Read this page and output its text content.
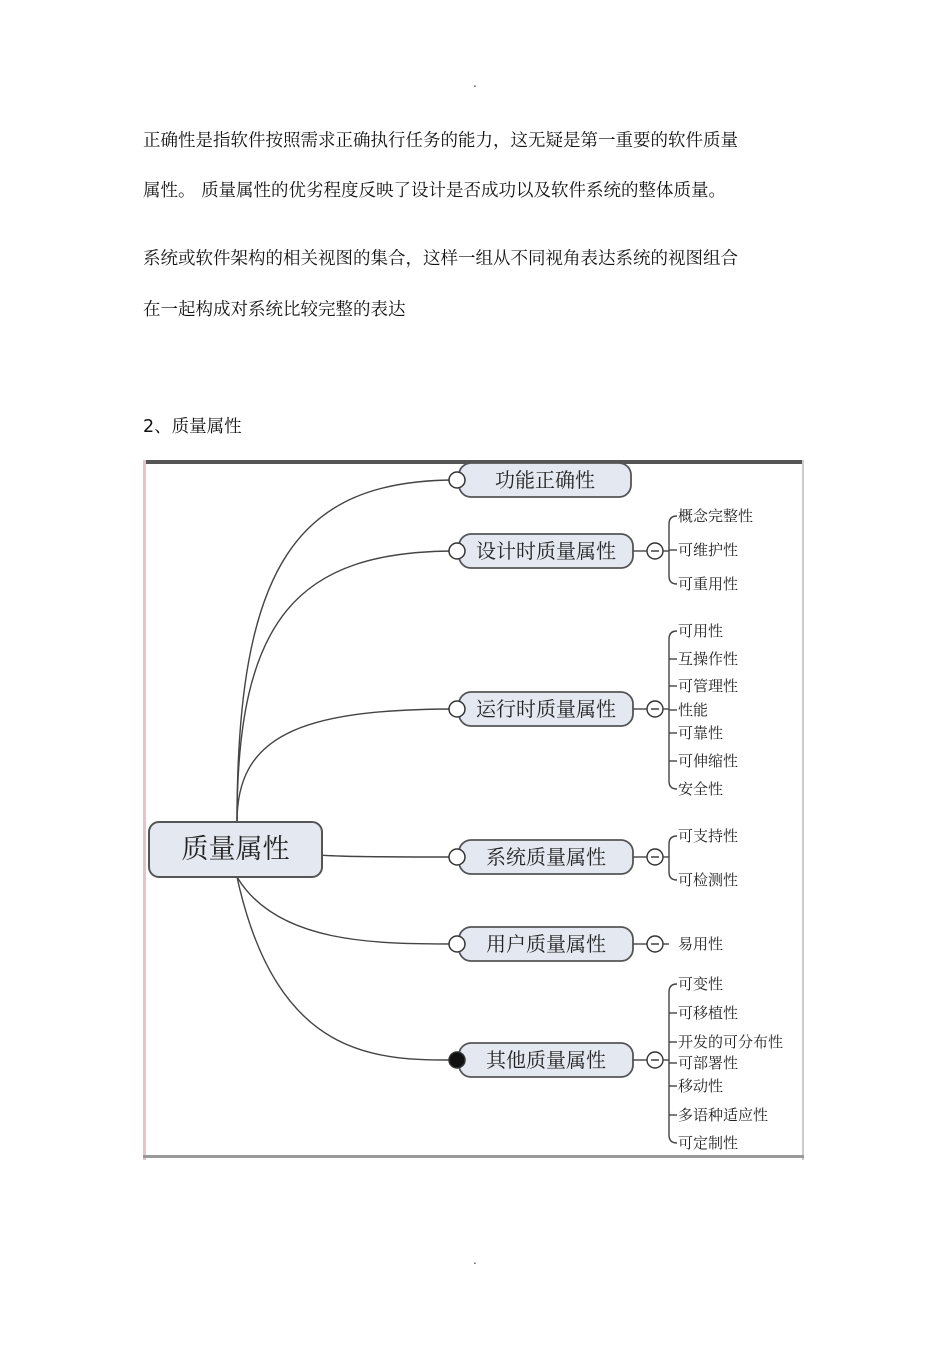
.
正确性是指软件按照需求正确执行任务的能力，这无疑是第一重要的软件质量
属性。 质量属性的优劣程度反映了设计是否成功以及软件系统的整体质量。
系统或软件架构的相关视图的集合，这样一组从不同视角表达系统的视图组合
在一起构成对系统比较完整的表达
2、质量属性
质量属性
功能正确性
设计时质量属性
概念完整性
可维护性
可重用性
运行时质量属性
可用性
互操作性
可管理性
性能
可靠性
可伸缩性
安全性
系统质量属性
可支持性
可检测性
用户质量属性	易用性
其他质量属性
可变性
可移植性
开发的可分布性
可部署性
移动性
多语种适应性
可定制性
.
